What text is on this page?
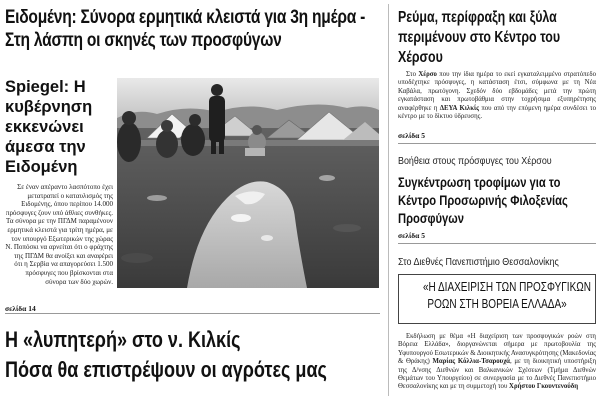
Ειδομένη: Σύνορα ερμητικά κλειστά για 3η ημέρα - Στη λάσπη οι σκηνές των προσφύγων
Spiegel: Η κυβέρνηση εκκενώνει άμεσα την Ειδομένη

Σε έναν απέραντο λασπότοπο έχει μετατραπεί ο καταυλισμός της Ειδομένης, όπου περίπου 14.000 πρόσφυγες ζουν υπό άθλιες συνθήκες. Τα σύνορα με την ΠΓΔΜ παραμένουν ερμητικά κλειστά για τρίτη ημέρα, με τον υπουργό Εξωτερικών της χώρας Ν. Ποπόσκι να αρνείται ότι ο φράχτης της ΠΓΔΜ θα ανοίξει και αναφέρει ότι η Σερβία να απαγορεύσει 1.500 πρόσφυγες που βρίσκονται στα σύνορα των δύο χωρών.

σελίδα 14
Η «λυπητερή» στο ν. Κιλκίς
Πόσα θα επιστρέψουν οι αγρότες μας
Ρεύμα, περίφραξη και ξύλα περιμένουν στο Κέντρο του Χέρσου

Στο Χέρσο που την ίδια ημέρα το εκεί εγκαταλειμμένο στρατόπεδο υποδέχτηκε πρόσφυγες, η κατάσταση έτσι, σύμφωνα με τη Νέα Καβάλα, πρωτόγονη. Σχεδόν δύο εβδομάδες μετά την πρώτη εγκατάσταση και πρωτοβάθμια στην τοχρήσιμα εξυπηρέτησης αναφέρθηκε η ΔΕΥΑ Κιλκίς που από την επόμενη ημέρα συνδέσει το κέντρο με το δίκτυο ύδρευσης.

σελίδα 5
Βοήθεια στους πρόσφυγες του Χέρσου
Συγκέντρωση τροφίμων για το Κέντρο Προσωρινής Φιλοξενίας Προσφύγων
σελίδα 5
Στο Διεθνές Πανεπιστήμιο Θεσσαλονίκης
«Η ΔΙΑΧΕΙΡΙΣΗ ΤΩΝ ΠΡΟΣΦΥΓΙΚΩΝ
ΡΟΩΝ ΣΤΗ ΒΟΡΕΙΑ ΕΛΛΑΔΑ»

Εκδήλωση με θέμα «Η διαχείριση των προσφυγικών ροών στη Βόρεια Ελλάδα», διοργανώνεται σήμερα με πρωτοβουλία της Υφυπουργού Εσωτερικών & Διοικητικής Ανασυγκρότησης (Μακεδονίας & Θράκης) Μαρίας Κόλλια-Τσαρουχά, με τη διοικητική υποστήριξη της Δ/νσης Διεθνών και Βαλκανικών Σχέσεων (Τμήμα Διεθνών Θεμάτων του Υπουργείου) σε συνεργασία με το Διεθνές Πανεπιστήμιο Θεσσαλονίκης και με τη συμμετοχή του Χρήστου Γκουντενούδη
